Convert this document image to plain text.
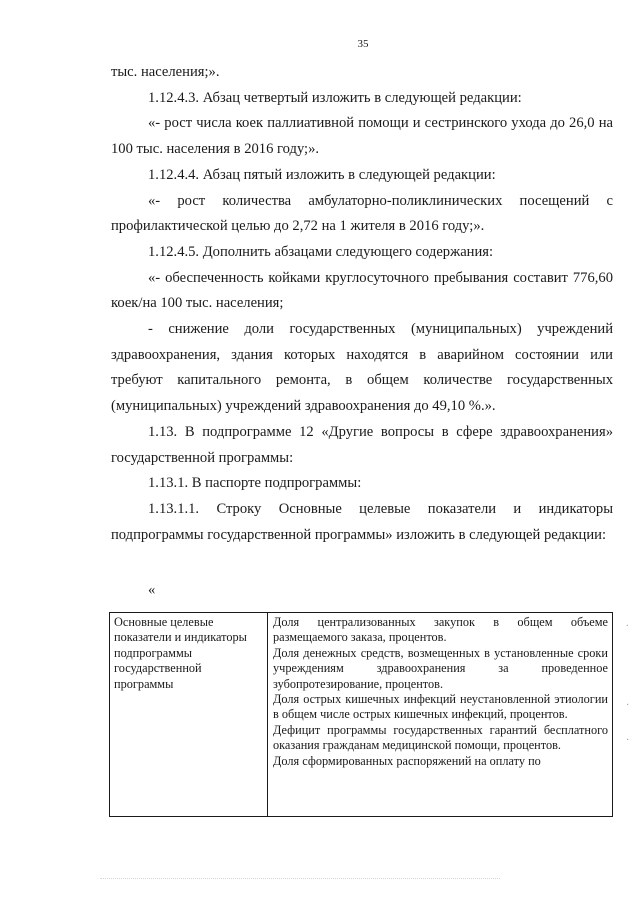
35

тыс. населения;».

1.12.4.3. Абзац четвертый изложить в следующей редакции:

«- рост числа коек паллиативной помощи и сестринского ухода до 26,0 на 100 тыс. населения в 2016 году;».

1.12.4.4. Абзац пятый изложить в следующей редакции:

«- рост количества амбулаторно-поликлинических посещений с профилактической целью до 2,72 на 1 жителя в 2016 году;».

1.12.4.5. Дополнить абзацами следующего содержания:

«- обеспеченность койками круглосуточного пребывания составит 776,60 коек/на 100 тыс. населения;

- снижение доли государственных (муниципальных) учреждений здравоохранения, здания которых находятся в аварийном состоянии или требуют капитального ремонта, в общем количестве государственных (муниципальных) учреждений здравоохранения до 49,10 %.».

1.13. В подпрограмме 12 «Другие вопросы в сфере здравоохранения» государственной программы:

1.13.1. В паспорте подпрограммы:

1.13.1.1. Строку Основные целевые показатели и индикаторы подпрограммы государственной программы» изложить в следующей редакции:

«
Основные целевые
показатели и индикаторы
подпрограммы
государственной
программы

Доля централизованных закупок в общем объеме размещаемого заказа, процентов.

Доля денежных средств, возмещенных в установленные сроки учреждениям здравоохранения за проведенное зубопротезирование, процентов.

Доля острых кишечных инфекций неустановленной этиологии в общем числе острых кишечных инфекций, процентов.

Дефицит программы государственных гарантий бесплатного оказания гражданам медицинской помощи, процентов.

Доля сформированных распоряжений на оплату по

.
·
·
